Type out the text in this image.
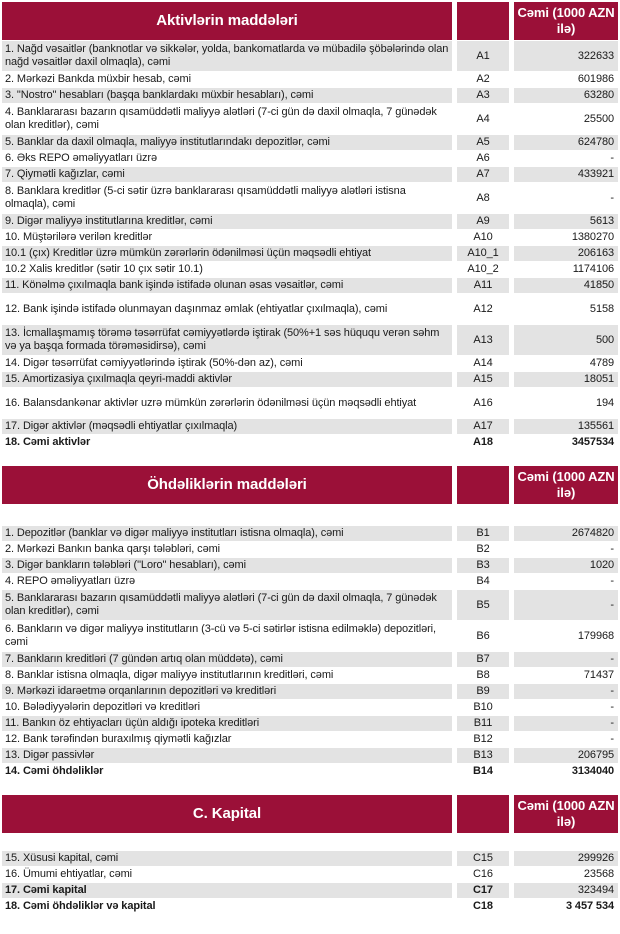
Aktivlərin maddələri	Cəmi (1000 AZN ilə)
1. Nağd vəsaitlər (banknotlar və sikkələr, yolda, bankomatlarda və mübadilə şöbələrində olan nağd vəsaitlər daxil olmaqla), cəmi
A1	322633
2. Mərkəzi Bankda müxbir hesab, cəmi	A2	601986
3. "Nostro" hesabları (başqa banklardakı müxbir hesabları), cəmi	A3	63280
4. Banklararası bazarın qısamüddətli maliyyə alətləri (7-ci gün də daxil olmaqla, 7 günədək olan kreditlər), cəmi
A4	25500
5. Banklar da daxil olmaqla, maliyyə institutlarındakı depozitlər, cəmi	A5	624780
6. Əks REPO əməliyyatları üzrə	A6	-
7. Qiymətli kağızlar, cəmi	A7	433921
8. Banklara kreditlər (5-ci sətir üzrə banklararası qısamüddətli maliyyə alətləri istisna olmaqla), cəmi
A8	-
9. Digər maliyyə institutlarına kreditlər, cəmi	A9	5613
10. Müştərilərə verilən kreditlər	A10	1380270
10.1 (çıx) Kreditlər üzrə mümkün zərərlərin ödənilməsi üçün məqsədli ehtiyat	A10_1	206163
10.2 Xalis kreditlər (sətir 10 çıx sətir 10.1)	A10_2	1174106
11. Könəlmə çıxılmaqla bank işində istifadə olunan əsas vəsaitlər, cəmi	A11	41850
12. Bank işində istifadə olunmayan daşınmaz əmlak (ehtiyatlar çıxılmaqla), cəmi	A12	5158
13. İcmallaşmamış törəmə təsərrüfat cəmiyyətlərdə iştirak (50%+1 səs hüququ verən səhm və ya başqa formada törəməsidirsə), cəmi
A13	500
14. Digər təsərrüfat cəmiyyətlərində iştirak (50%-dən az), cəmi	A14	4789
15. Amortizasiya çıxılmaqla qeyri-maddi aktivlər	A15	18051
16. Balansdankənar aktivlər uzrə mümkün zərərlərin ödənilməsi üçün məqsədli ehtiyat	A16	194
17. Digər aktivlər (məqsədli ehtiyatlar çıxılmaqla)	A17	135561
18. Cəmi aktivlər	A18	3457534
Öhdəliklərin maddələri	Cəmi (1000 AZN ilə)
1. Depozitlər (banklar və digər maliyyə institutları istisna olmaqla), cəmi	B1	2674820
2. Mərkəzi Bankın banka qarşı tələbləri, cəmi	B2	-
3. Digər bankların tələbləri ("Loro" hesabları), cəmi	B3	1020
4. REPO əməliyyatları üzrə	B4	-
5. Banklararası bazarın qısamüddətli maliyyə alətləri (7-ci gün də daxil olmaqla, 7 günədək olan kreditlər), cəmi
B5	-
6. Bankların və digər maliyyə institutların (3-cü və 5-ci sətirlər istisna edilməklə) depozitləri, cəmi
B6	179968
7. Bankların kreditləri (7 gündən artıq olan müddətə), cəmi	B7	-
8. Banklar istisna olmaqla, digər maliyyə institutlarının kreditləri, cəmi	B8	71437
9. Mərkəzi idarəetmə orqanlarının depozitləri və kreditləri	B9	-
10. Bələdiyyələrin depozitləri və kreditləri	B10	-
11. Bankın öz ehtiyacları üçün aldığı ipoteka kreditləri	B11	-
12. Bank tərəfindən buraxılmış qiymətli kağızlar	B12	-
13. Digər passivlər	B13	206795
14. Cəmi öhdəliklər	B14	3134040
C. Kapital	Cəmi (1000 AZN ilə)
15. Xüsusi kapital, cəmi	C15	299926
16. Ümumi ehtiyatlar, cəmi	C16	23568
17. Cəmi kapital	C17	323494
18. Cəmi öhdəliklər və kapital	C18	3 457 534
